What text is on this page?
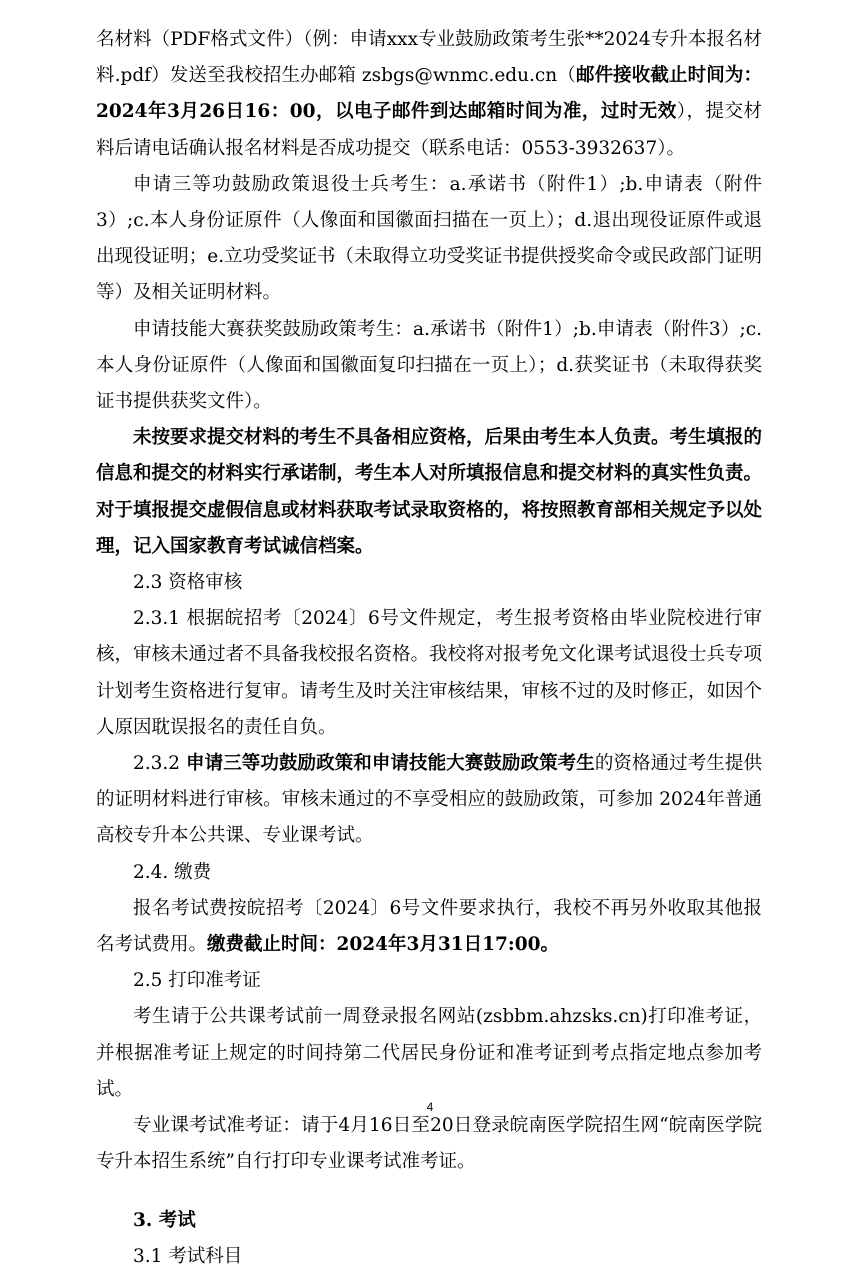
名材料（PDF格式文件）（例：申请xxx专业鼓励政策考生张**2024专升本报名材料.pdf）发送至我校招生办邮箱 zsbgs@wnmc.edu.cn（邮件接收截止时间为：2024年3月26日16：00，以电子邮件到达邮箱时间为准，过时无效），提交材料后请电话确认报名材料是否成功提交（联系电话：0553-3932637）。

申请三等功鼓励政策退役士兵考生：a.承诺书（附件1）;b.申请表（附件3）;c.本人身份证原件（人像面和国徽面扫描在一页上）；d.退出现役证原件或退出现役证明；e.立功受奖证书（未取得立功受奖证书提供授奖命令或民政部门证明等）及相关证明材料。

申请技能大赛获奖鼓励政策考生：a.承诺书（附件1）;b.申请表（附件3）;c.本人身份证原件（人像面和国徽面复印扫描在一页上）；d.获奖证书（未取得获奖证书提供获奖文件）。

未按要求提交材料的考生不具备相应资格，后果由考生本人负责。考生填报的信息和提交的材料实行承诺制，考生本人对所填报信息和提交材料的真实性负责。对于填报提交虚假信息或材料获取考试录取资格的，将按照教育部相关规定予以处理，记入国家教育考试诚信档案。

2.3 资格审核

2.3.1 根据皖招考〔2024〕6号文件规定，考生报考资格由毕业院校进行审核，审核未通过者不具备我校报名资格。我校将对报考免文化课考试退役士兵专项计划考生资格进行复审。请考生及时关注审核结果，审核不过的及时修正，如因个人原因耽误报名的责任自负。

2.3.2 申请三等功鼓励政策和申请技能大赛鼓励政策考生的资格通过考生提供的证明材料进行审核。审核未通过的不享受相应的鼓励政策，可参加 2024年普通高校专升本公共课、专业课考试。

2.4. 缴费

报名考试费按皖招考〔2024〕6号文件要求执行，我校不再另外收取其他报名考试费用。缴费截止时间：2024年3月31日17:00。

2.5 打印准考证

考生请于公共课考试前一周登录报名网站(zsbbm.ahzsks.cn)打印准考证，并根据准考证上规定的时间持第二代居民身份证和准考证到考点指定地点参加考试。

专业课考试准考证：请于4月16日至20日登录皖南医学院招生网“皖南医学院专升本招生系统”自行打印专业课考试准考证。

3. 考试

3.1 考试科目

4
